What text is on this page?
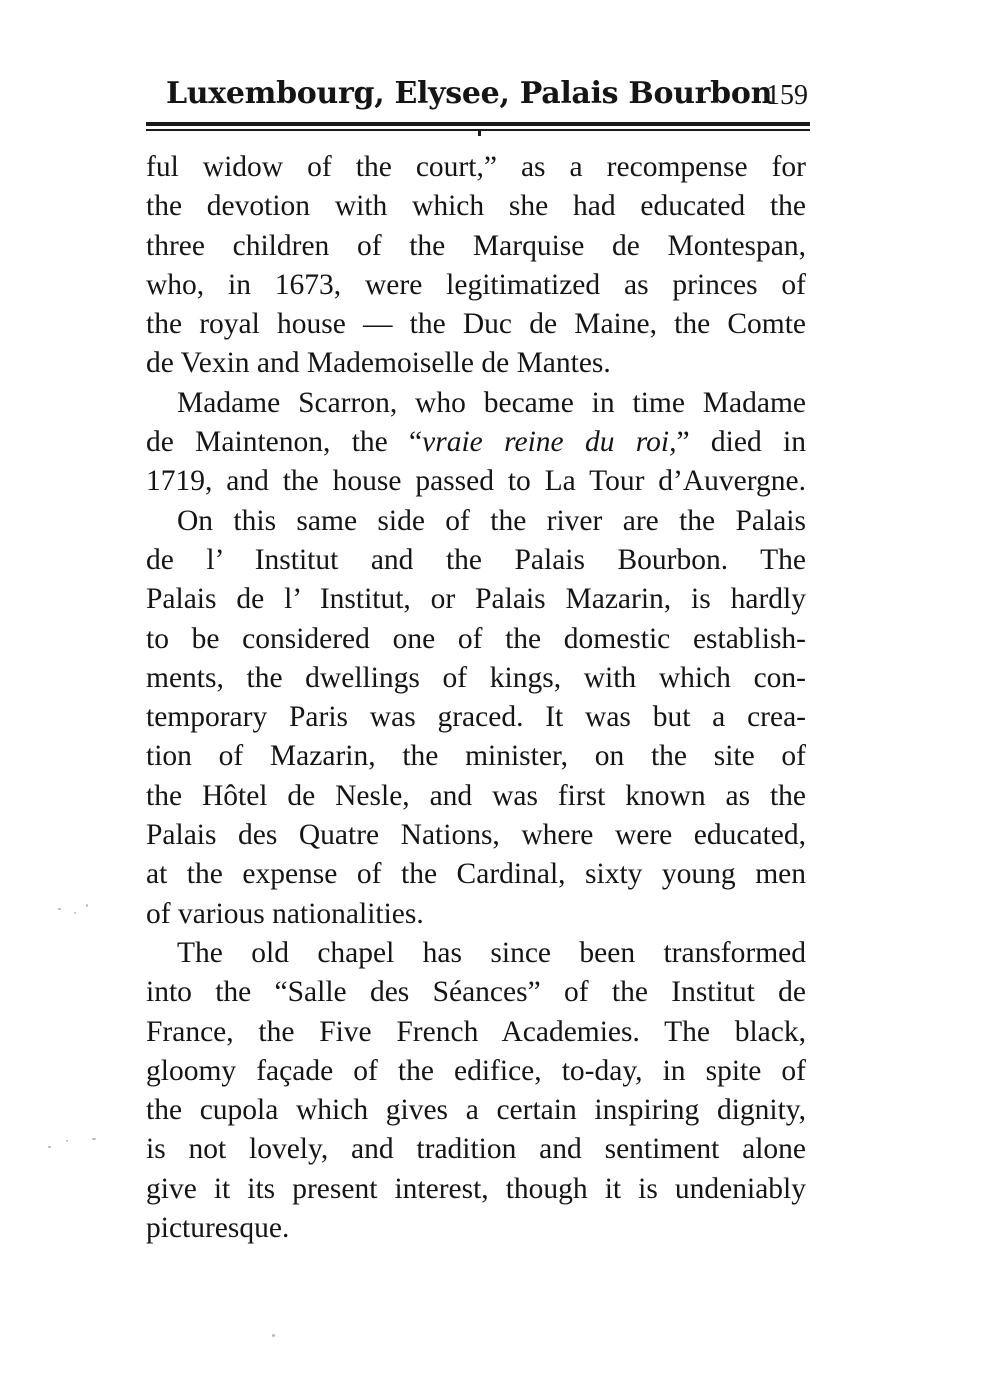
Luxembourg, Elysee, Palais Bourbon
159

ful widow of the court,” as a recompense for
the devotion with which she had educated the
three children of the Marquise de Montespan,
who, in 1673, were legitimatized as princes of
the royal house — the Duc de Maine, the Comte
de Vexin and Mademoiselle de Mantes.

Madame Scarron, who became in time Madame
de Maintenon, the “vraie reine du roi,” died in
1719, and the house passed to La Tour d’Auvergne.

On this same side of the river are the Palais
de l’ Institut and the Palais Bourbon. The
Palais de l’ Institut, or Palais Mazarin, is hardly
to be considered one of the domestic establish-
ments, the dwellings of kings, with which con-
temporary Paris was graced. It was but a crea-
tion of Mazarin, the minister, on the site of
the Hôtel de Nesle, and was first known as the
Palais des Quatre Nations, where were educated,
at the expense of the Cardinal, sixty young men
of various nationalities.

The old chapel has since been transformed
into the “Salle des Séances” of the Institut de
France, the Five French Academies. The black,
gloomy façade of the edifice, to-day, in spite of
the cupola which gives a certain inspiring dignity,
is not lovely, and tradition and sentiment alone
give it its present interest, though it is undeniably
picturesque.
